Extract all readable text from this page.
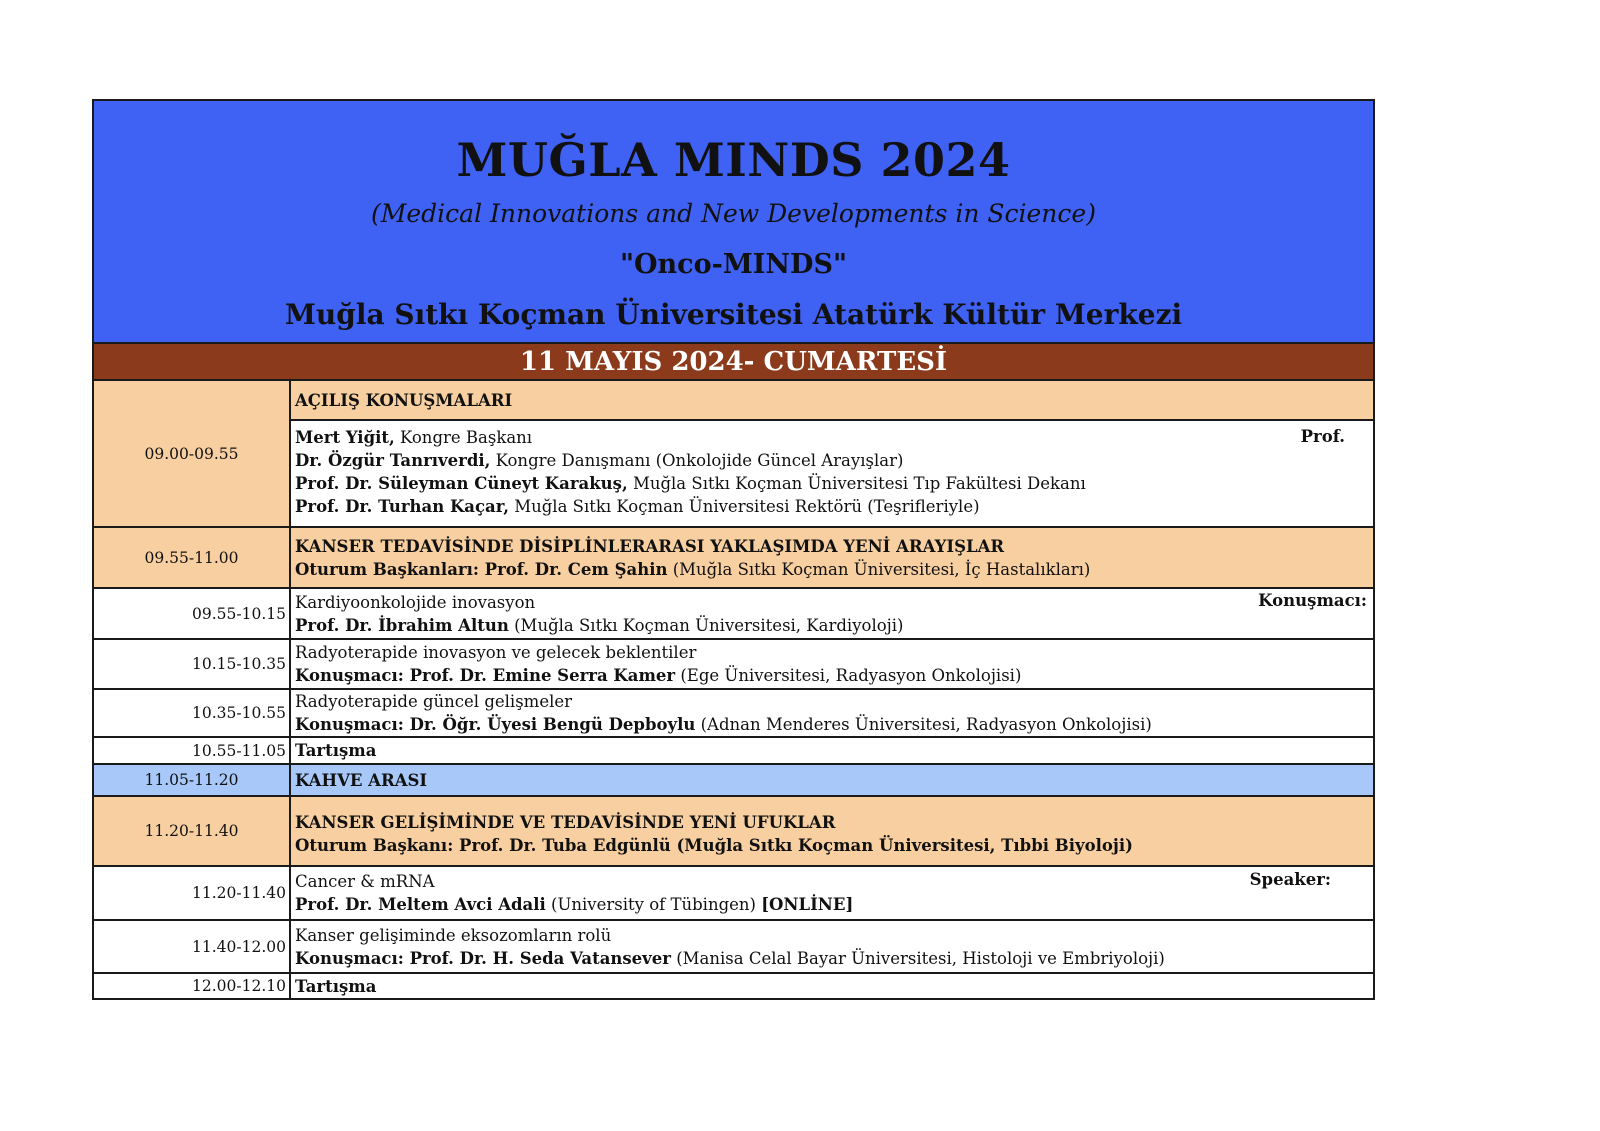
MUĞLA MINDS 2024
(Medical Innovations and New Developments in Science)
"Onco-MINDS"
Muğla Sıtkı Koçman Üniversitesi Atatürk Kültür Merkezi
11 MAYIS 2024- CUMARTESİ
09.00-09.55
AÇILIŞ KONUŞMALARI
Prof.
Mert Yiğit, Kongre Başkanı
Dr. Özgür Tanrıverdi, Kongre Danışmanı (Onkolojide Güncel Arayışlar)
Prof. Dr. Süleyman Cüneyt Karakuş, Muğla Sıtkı Koçman Üniversitesi Tıp Fakültesi Dekanı
Prof. Dr. Turhan Kaçar, Muğla Sıtkı Koçman Üniversitesi Rektörü (Teşrifleriyle)
09.55-11.00
KANSER TEDAVİSİNDE DİSİPLİNLERARASI YAKLAŞIMDA YENİ ARAYIŞLAR
Oturum Başkanları: Prof. Dr. Cem Şahin (Muğla Sıtkı Koçman Üniversitesi, İç Hastalıkları)
09.55-10.15
Konuşmacı:
Kardiyoonkolojide inovasyon
Prof. Dr. İbrahim Altun (Muğla Sıtkı Koçman Üniversitesi, Kardiyoloji)
10.15-10.35
Radyoterapide inovasyon ve gelecek beklentiler
Konuşmacı: Prof. Dr. Emine Serra Kamer (Ege Üniversitesi, Radyasyon Onkolojisi)
10.35-10.55
Radyoterapide güncel gelişmeler
Konuşmacı: Dr. Öğr. Üyesi Bengü Depboylu (Adnan Menderes Üniversitesi, Radyasyon Onkolojisi)
10.55-11.05 Tartışma
11.05-11.20	KAHVE ARASI
11.20-11.40	KANSER GELİŞİMİNDE VE TEDAVİSİNDE YENİ UFUKLAR
Oturum Başkanı: Prof. Dr. Tuba Edgünlü (Muğla Sıtkı Koçman Üniversitesi, Tıbbi Biyoloji)
11.20-11.40
Speaker:
Cancer & mRNA
Prof. Dr. Meltem Avci Adali (University of Tübingen) [ONLİNE]
11.40-12.00
Kanser gelişiminde eksozomların rolü
Konuşmacı: Prof. Dr. H. Seda Vatansever (Manisa Celal Bayar Üniversitesi, Histoloji ve Embriyoloji)
12.00-12.10 Tartışma
